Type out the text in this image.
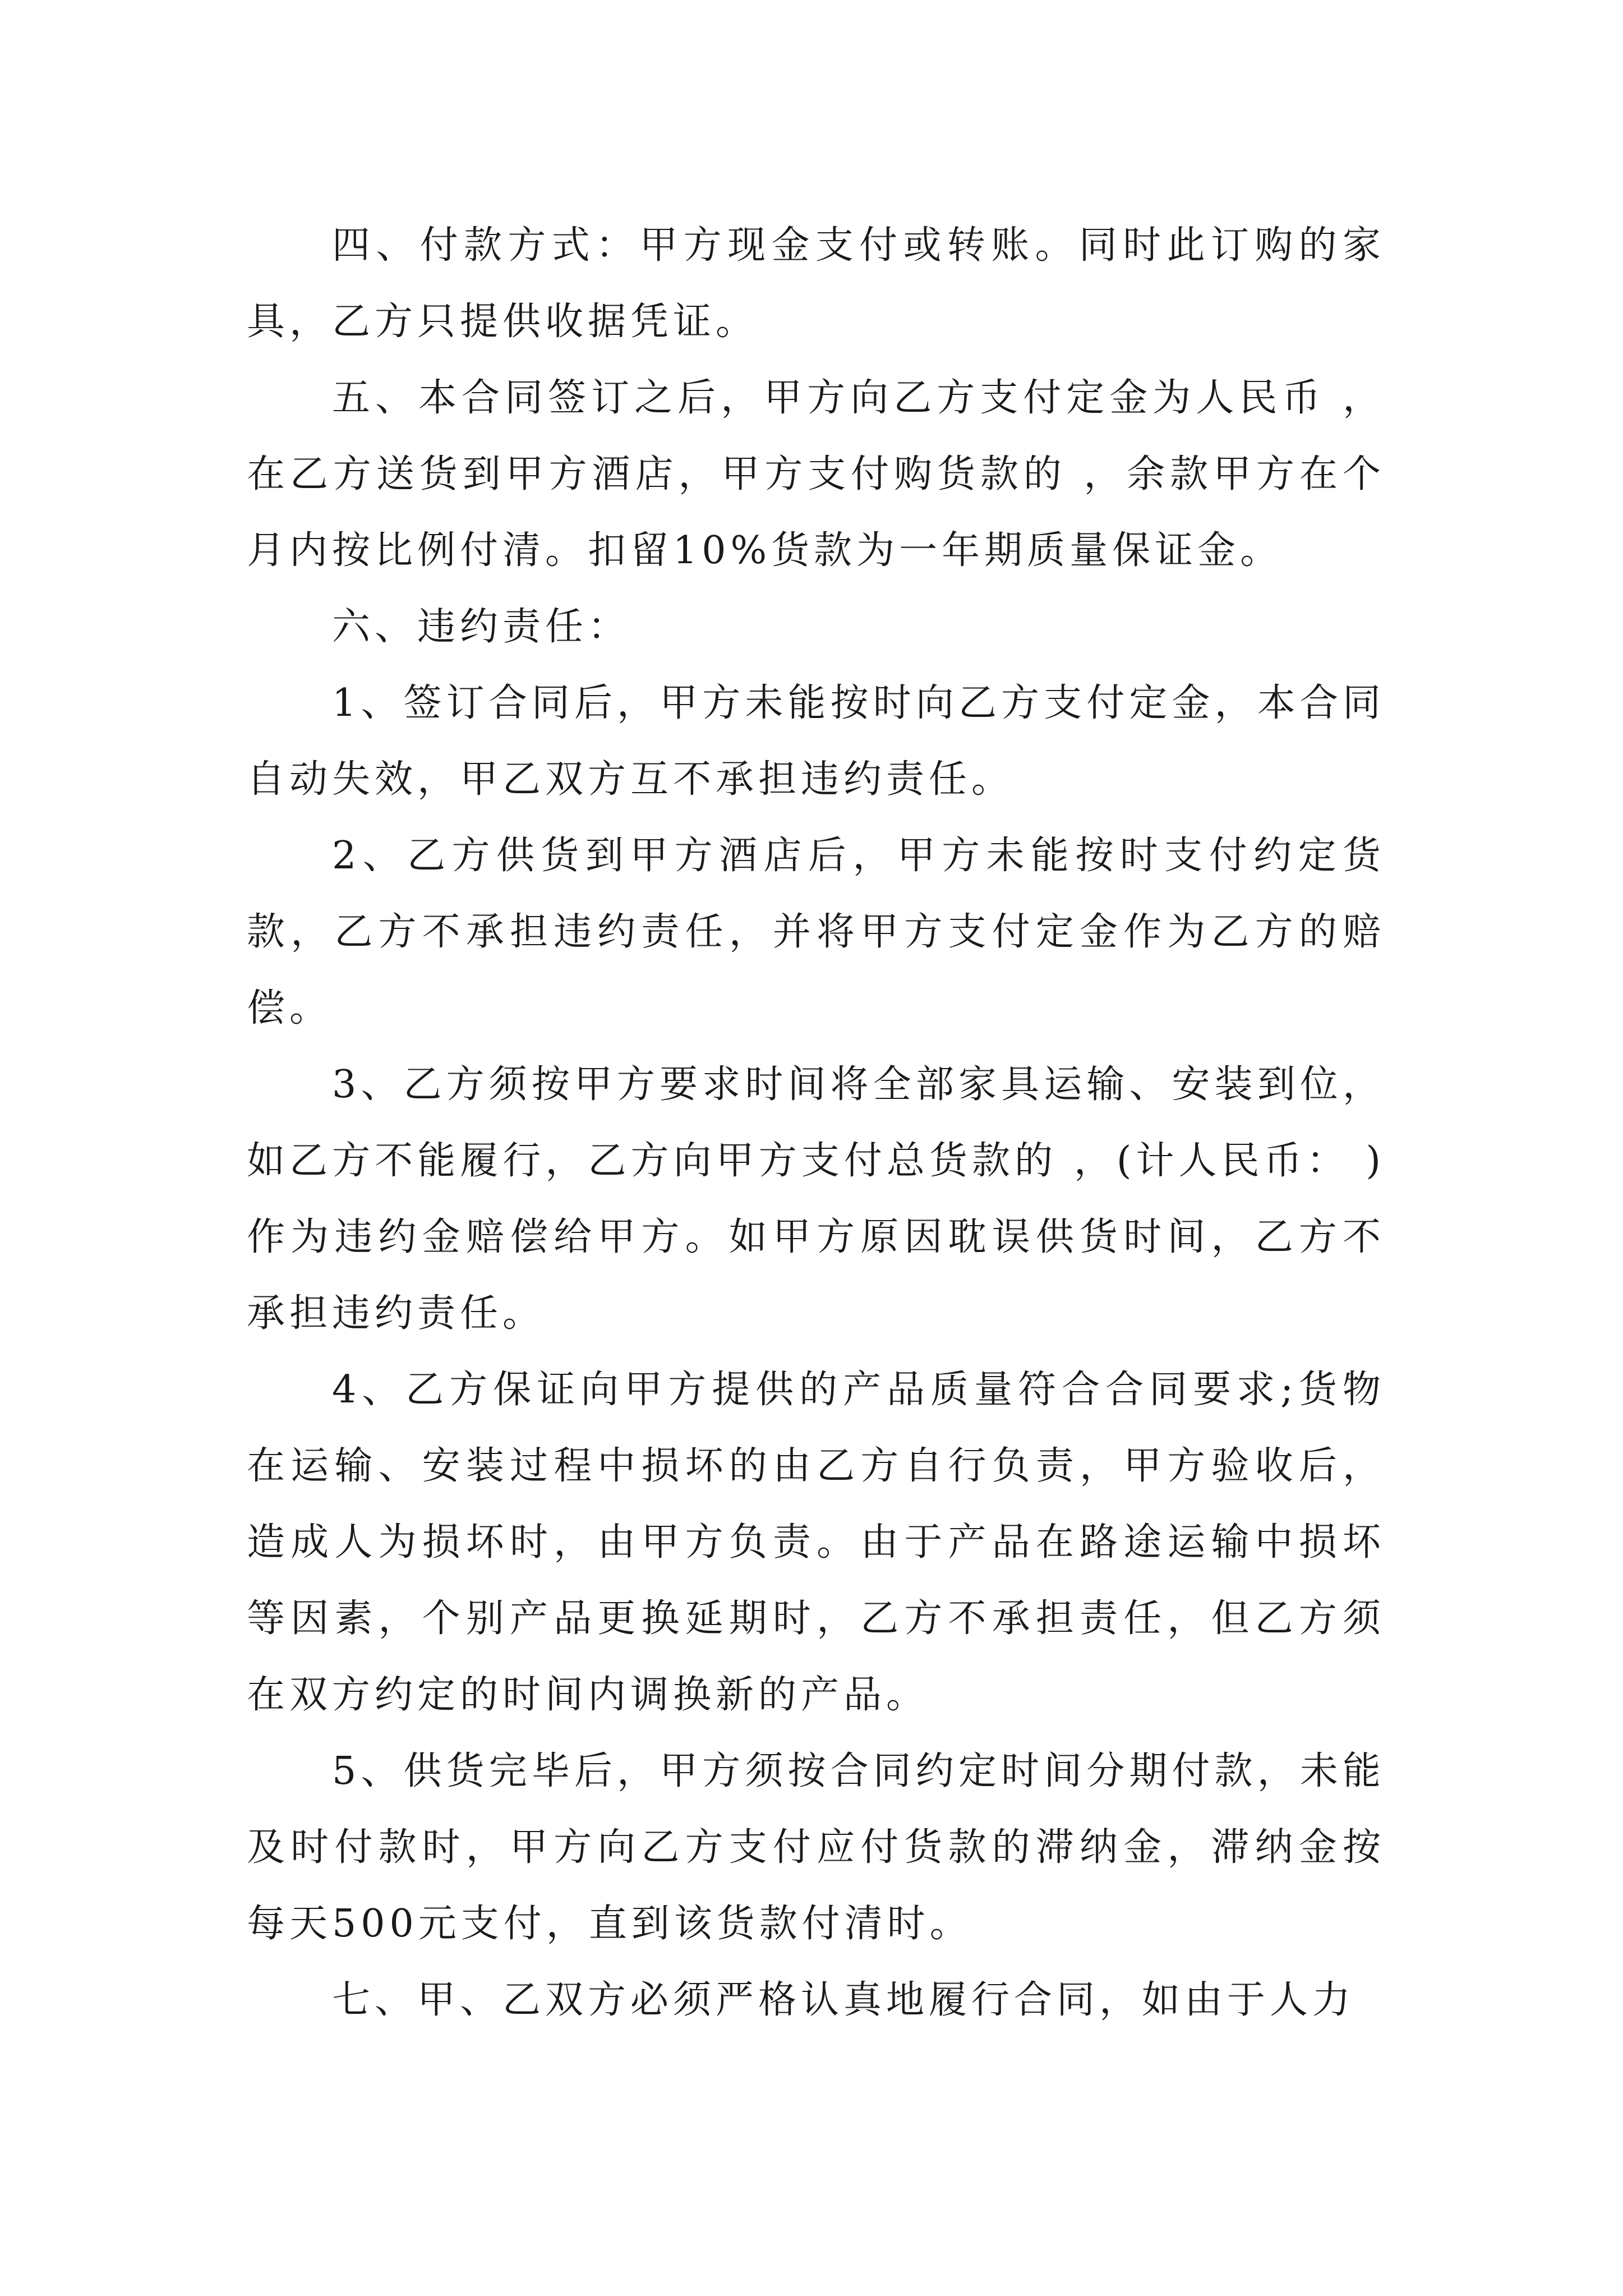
四、付款方式：甲方现金支付或转账。同时此订购的家具，乙方只提供收据凭证。

五、本合同签订之后，甲方向乙方支付定金为人民币 ，在乙方送货到甲方酒店，甲方支付购货款的 ，余款甲方在个月内按比例付清。扣留10%货款为一年期质量保证金。

六、违约责任：

1、签订合同后，甲方未能按时向乙方支付定金，本合同自动失效，甲乙双方互不承担违约责任。

2、乙方供货到甲方酒店后，甲方未能按时支付约定货款，乙方不承担违约责任，并将甲方支付定金作为乙方的赔偿。

3、乙方须按甲方要求时间将全部家具运输、安装到位，如乙方不能履行，乙方向甲方支付总货款的 ，(计人民币： )作为违约金赔偿给甲方。如甲方原因耽误供货时间，乙方不承担违约责任。

4、乙方保证向甲方提供的产品质量符合合同要求;货物在运输、安装过程中损坏的由乙方自行负责，甲方验收后，造成人为损坏时，由甲方负责。由于产品在路途运输中损坏等因素，个别产品更换延期时，乙方不承担责任，但乙方须在双方约定的时间内调换新的产品。

5、供货完毕后，甲方须按合同约定时间分期付款，未能及时付款时，甲方向乙方支付应付货款的滞纳金，滞纳金按每天500元支付，直到该货款付清时。

七、甲、乙双方必须严格认真地履行合同，如由于人力
